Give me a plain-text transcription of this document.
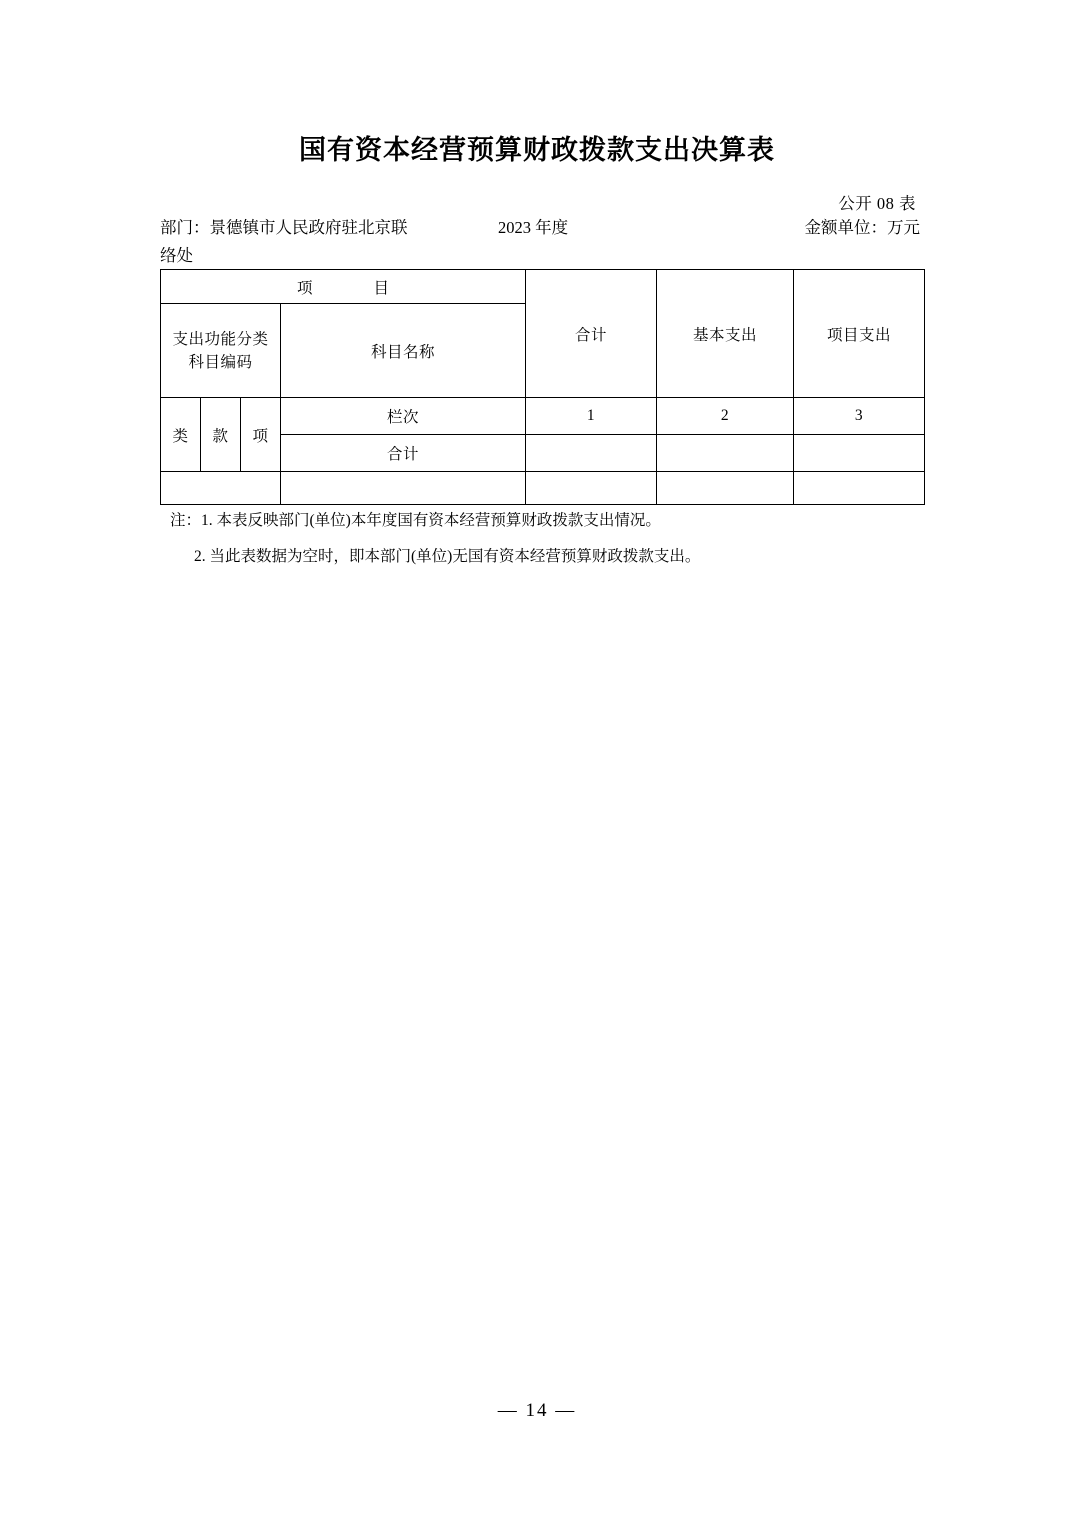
国有资本经营预算财政拨款支出决算表
公开 08 表
部门：景德镇市人民政府驻北京联	2023 年度	金额单位：万元
络处
项　　目				合计	基本支出	项目支出

支出功能分类
科目编码			科目名称			
类	款	项	栏次	1	2	3
			合计			

注：1. 本表反映部门(单位)本年度国有资本经营预算财政拨款支出情况。
2. 当此表数据为空时，即本部门(单位)无国有资本经营预算财政拨款支出。
— 14 —
